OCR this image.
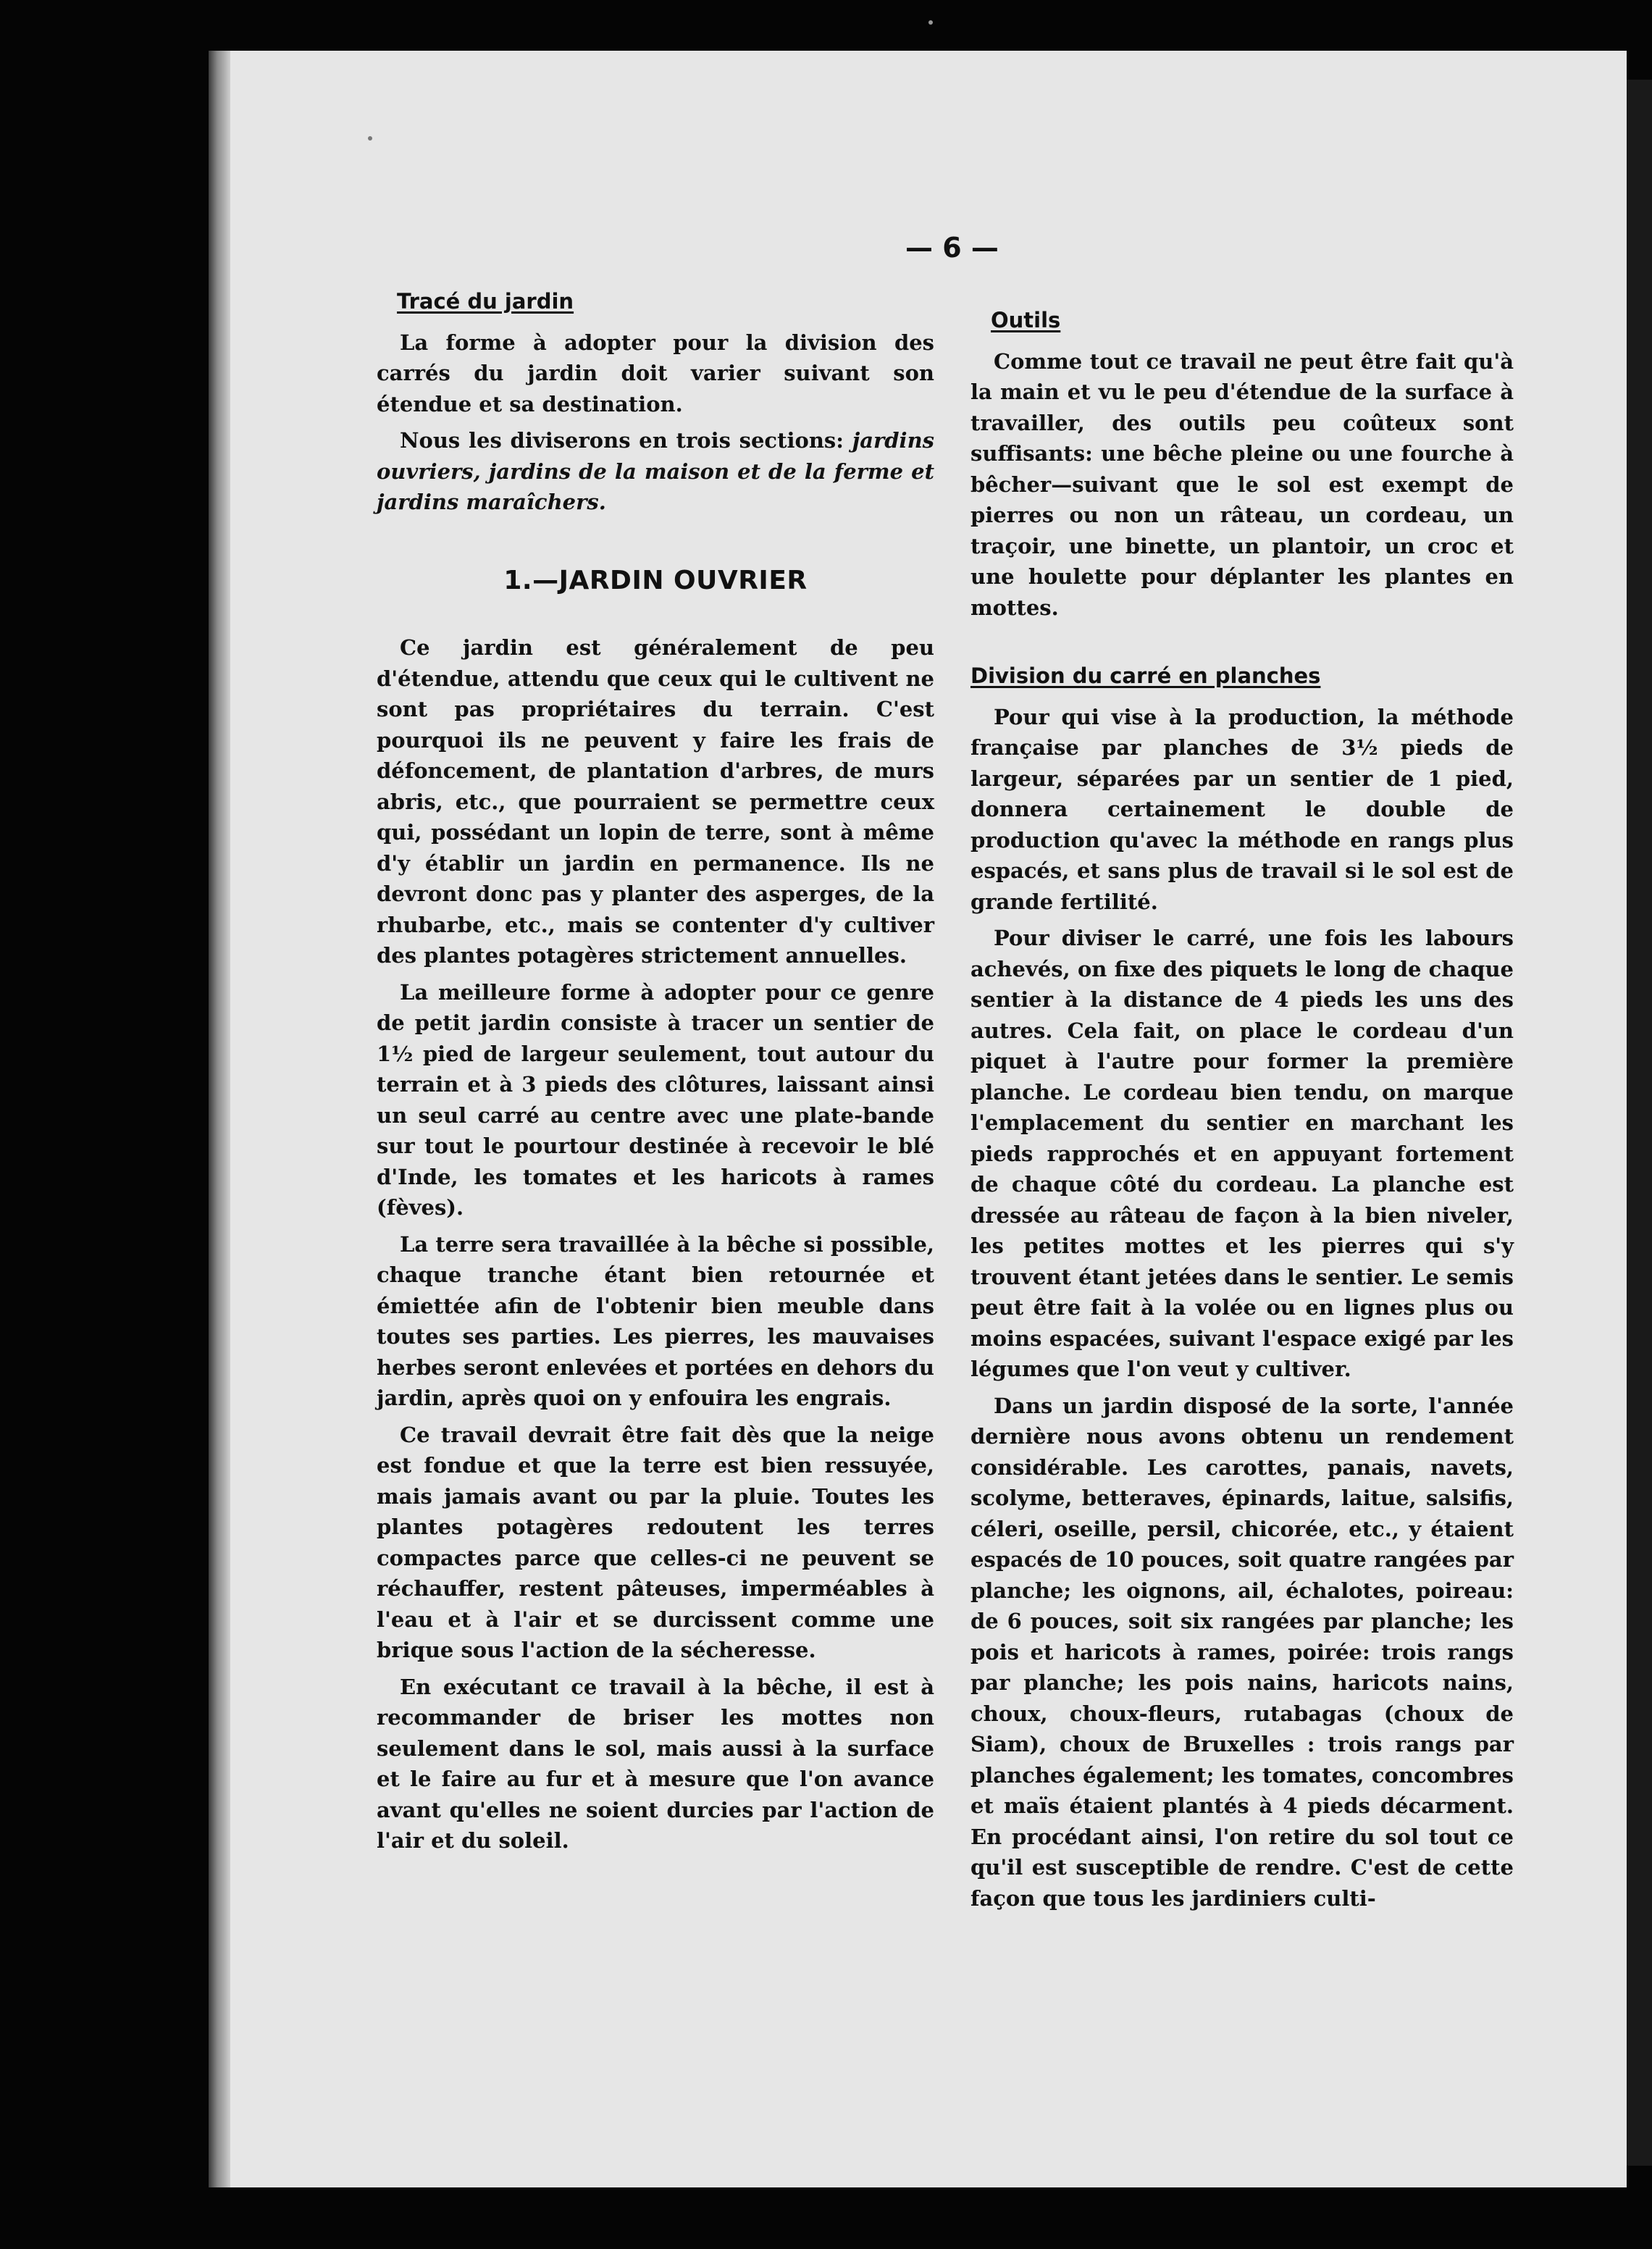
— 6 —
Tracé du jardin

La forme à adopter pour la division des carrés du jardin doit varier suivant son étendue et sa destination.

Nous les diviserons en trois sections: jardins ouvriers, jardins de la maison et de la ferme et jardins maraîchers.

1.—JARDIN OUVRIER

Ce jardin est généralement de peu d'étendue, attendu que ceux qui le cultivent ne sont pas propriétaires du terrain. C'est pourquoi ils ne peuvent y faire les frais de défoncement, de plantation d'arbres, de murs abris, etc., que pourraient se permettre ceux qui, possédant un lopin de terre, sont à même d'y établir un jardin en permanence. Ils ne devront donc pas y planter des asperges, de la rhubarbe, etc., mais se contenter d'y cultiver des plantes potagères strictement annuelles.

La meilleure forme à adopter pour ce genre de petit jardin consiste à tracer un sentier de 1½ pied de largeur seulement, tout autour du terrain et à 3 pieds des clôtures, laissant ainsi un seul carré au centre avec une plate-bande sur tout le pourtour destinée à recevoir le blé d'Inde, les tomates et les haricots à rames (fèves).

La terre sera travaillée à la bêche si possible, chaque tranche étant bien retournée et émiettée afin de l'obtenir bien meuble dans toutes ses parties. Les pierres, les mauvaises herbes seront enlevées et portées en dehors du jardin, après quoi on y enfouira les engrais.

Ce travail devrait être fait dès que la neige est fondue et que la terre est bien ressuyée, mais jamais avant ou par la pluie. Toutes les plantes potagères redoutent les terres compactes parce que celles-ci ne peuvent se réchauffer, restent pâteuses, imperméables à l'eau et à l'air et se durcissent comme une brique sous l'action de la sécheresse.

En exécutant ce travail à la bêche, il est à recommander de briser les mottes non seulement dans le sol, mais aussi à la surface et le faire au fur et à mesure que l'on avance avant qu'elles ne soient durcies par l'action de l'air et du soleil.

Outils

Comme tout ce travail ne peut être fait qu'à la main et vu le peu d'étendue de la surface à travailler, des outils peu coûteux sont suffisants: une bêche pleine ou une fourche à bêcher—suivant que le sol est exempt de pierres ou non un râteau, un cordeau, un traçoir, une binette, un plantoir, un croc et une houlette pour déplanter les plantes en mottes.

Division du carré en planches

Pour qui vise à la production, la méthode française par planches de 3½ pieds de largeur, séparées par un sentier de 1 pied, donnera certainement le double de production qu'avec la méthode en rangs plus espacés, et sans plus de travail si le sol est de grande fertilité.

Pour diviser le carré, une fois les labours achevés, on fixe des piquets le long de chaque sentier à la distance de 4 pieds les uns des autres. Cela fait, on place le cordeau d'un piquet à l'autre pour former la première planche. Le cordeau bien tendu, on marque l'emplacement du sentier en marchant les pieds rapprochés et en appuyant fortement de chaque côté du cordeau. La planche est dressée au râteau de façon à la bien niveler, les petites mottes et les pierres qui s'y trouvent étant jetées dans le sentier. Le semis peut être fait à la volée ou en lignes plus ou moins espacées, suivant l'espace exigé par les légumes que l'on veut y cultiver.

Dans un jardin disposé de la sorte, l'année dernière nous avons obtenu un rendement considérable. Les carottes, panais, navets, scolyme, betteraves, épinards, laitue, salsifis, céleri, oseille, persil, chicorée, etc., y étaient espacés de 10 pouces, soit quatre rangées par planche; les oignons, ail, échalotes, poireau: de 6 pouces, soit six rangées par planche; les pois et haricots à rames, poirée: trois rangs par planche; les pois nains, haricots nains, choux, choux-fleurs, rutabagas (choux de Siam), choux de Bruxelles : trois rangs par planches également; les tomates, concombres et maïs étaient plantés à 4 pieds décarment. En procédant ainsi, l'on retire du sol tout ce qu'il est susceptible de rendre. C'est de cette façon que tous les jardiniers culti-
